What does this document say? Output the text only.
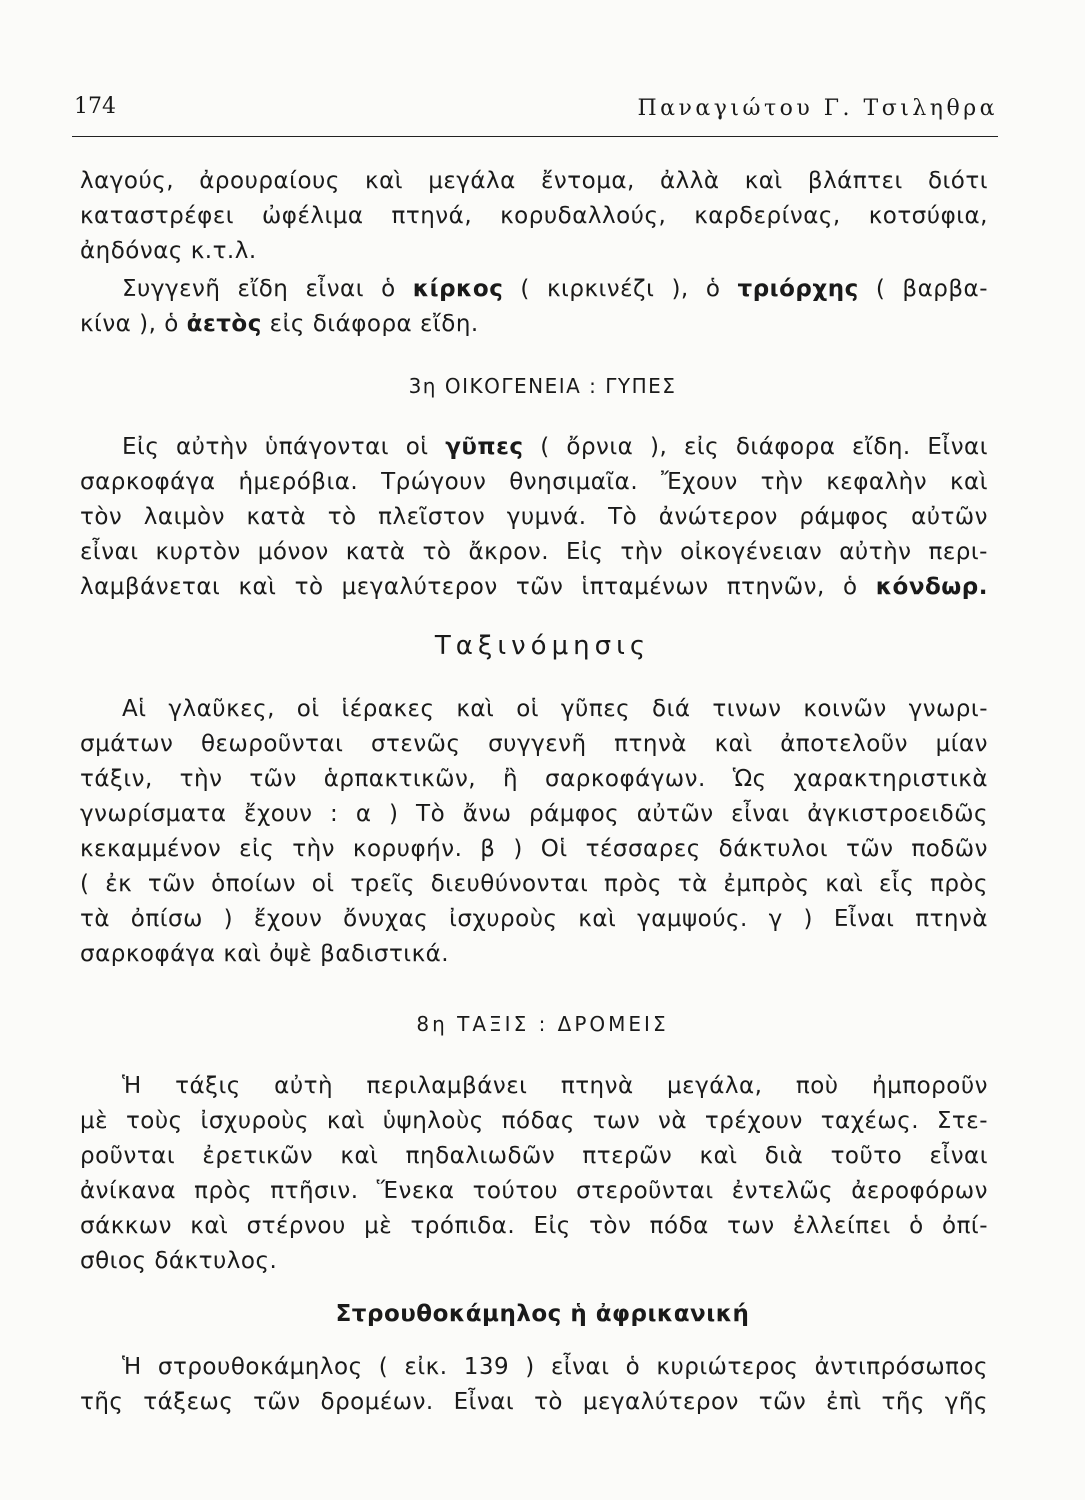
174	Παναγιώτου Γ. Τσιληθρα
λαγούς, ἀρουραίους καὶ μεγάλα ἔντομα, ἀλλὰ καὶ βλάπτει διότι
καταστρέφει ὠφέλιμα πτηνά, κορυδαλλούς, καρδερίνας, κοτσύφια,
ἀηδόνας κ.τ.λ.
Συγγενῆ εἴδη εἶναι ὁ κίρκος ( κιρκινέζι ), ὁ τριόρχης ( βαρβα-
κίνα ), ὁ ἀετὸς εἰς διάφορα εἴδη.
3η ΟΙΚΟΓΕΝΕΙΑ : ΓΥΠΕΣ
Εἰς αὐτὴν ὑπάγονται οἱ γῦπες ( ὄρνια ), εἰς διάφορα εἴδη. Εἶναι
σαρκοφάγα ἡμερόβια. Τρώγουν θνησιμαῖα. Ἔχουν τὴν κεφαλὴν καὶ
τὸν λαιμὸν κατὰ τὸ πλεῖστον γυμνά. Τὸ ἀνώτερον ράμφος αὐτῶν
εἶναι κυρτὸν μόνον κατὰ τὸ ἄκρον. Εἰς τὴν οἰκογένειαν αὐτὴν περι-
λαμβάνεται καὶ τὸ μεγαλύτερον τῶν ἱπταμένων πτηνῶν, ὁ κόνδωρ.
Ταξινόμησις
Αἱ γλαῦκες, οἱ ἱέρακες καὶ οἱ γῦπες διά τινων κοινῶν γνωρι-
σμάτων θεωροῦνται στενῶς συγγενῆ πτηνὰ καὶ ἀποτελοῦν μίαν
τάξιν, τὴν τῶν ἁρπακτικῶν, ἢ σαρκοφάγων. Ὡς χαρακτηριστικὰ
γνωρίσματα ἔχουν : α ) Τὸ ἄνω ράμφος αὐτῶν εἶναι ἀγκιστροειδῶς
κεκαμμένον εἰς τὴν κορυφήν. β ) Οἱ τέσσαρες δάκτυλοι τῶν ποδῶν
( ἐκ τῶν ὁποίων οἱ τρεῖς διευθύνονται πρὸς τὰ ἐμπρὸς καὶ εἷς πρὸς
τὰ ὀπίσω ) ἔχουν ὄνυχας ἰσχυροὺς καὶ γαμψούς. γ ) Εἶναι πτηνὰ
σαρκοφάγα καὶ ὀψὲ βαδιστικά.
8η ΤΑΞΙΣ : ΔΡΟΜΕΙΣ
Ἡ τάξις αὐτὴ περιλαμβάνει πτηνὰ μεγάλα, ποὺ ἠμποροῦν
μὲ τοὺς ἰσχυροὺς καὶ ὑψηλοὺς πόδας των νὰ τρέχουν ταχέως. Στε-
ροῦνται ἐρετικῶν καὶ πηδαλιωδῶν πτερῶν καὶ διὰ τοῦτο εἶναι
ἀνίκανα πρὸς πτῆσιν. Ἕνεκα τούτου στεροῦνται ἐντελῶς ἀεροφόρων
σάκκων καὶ στέρνου μὲ τρόπιδα. Εἰς τὸν πόδα των ἐλλείπει ὁ ὀπί-
σθιος δάκτυλος.
Στρουθοκάμηλος ἡ ἀφρικανική
Ἡ στρουθοκάμηλος ( εἰκ. 139 ) εἶναι ὁ κυριώτερος ἀντιπρόσωπος
τῆς τάξεως τῶν δρομέων. Εἶναι τὸ μεγαλύτερον τῶν ἐπὶ τῆς γῆς
